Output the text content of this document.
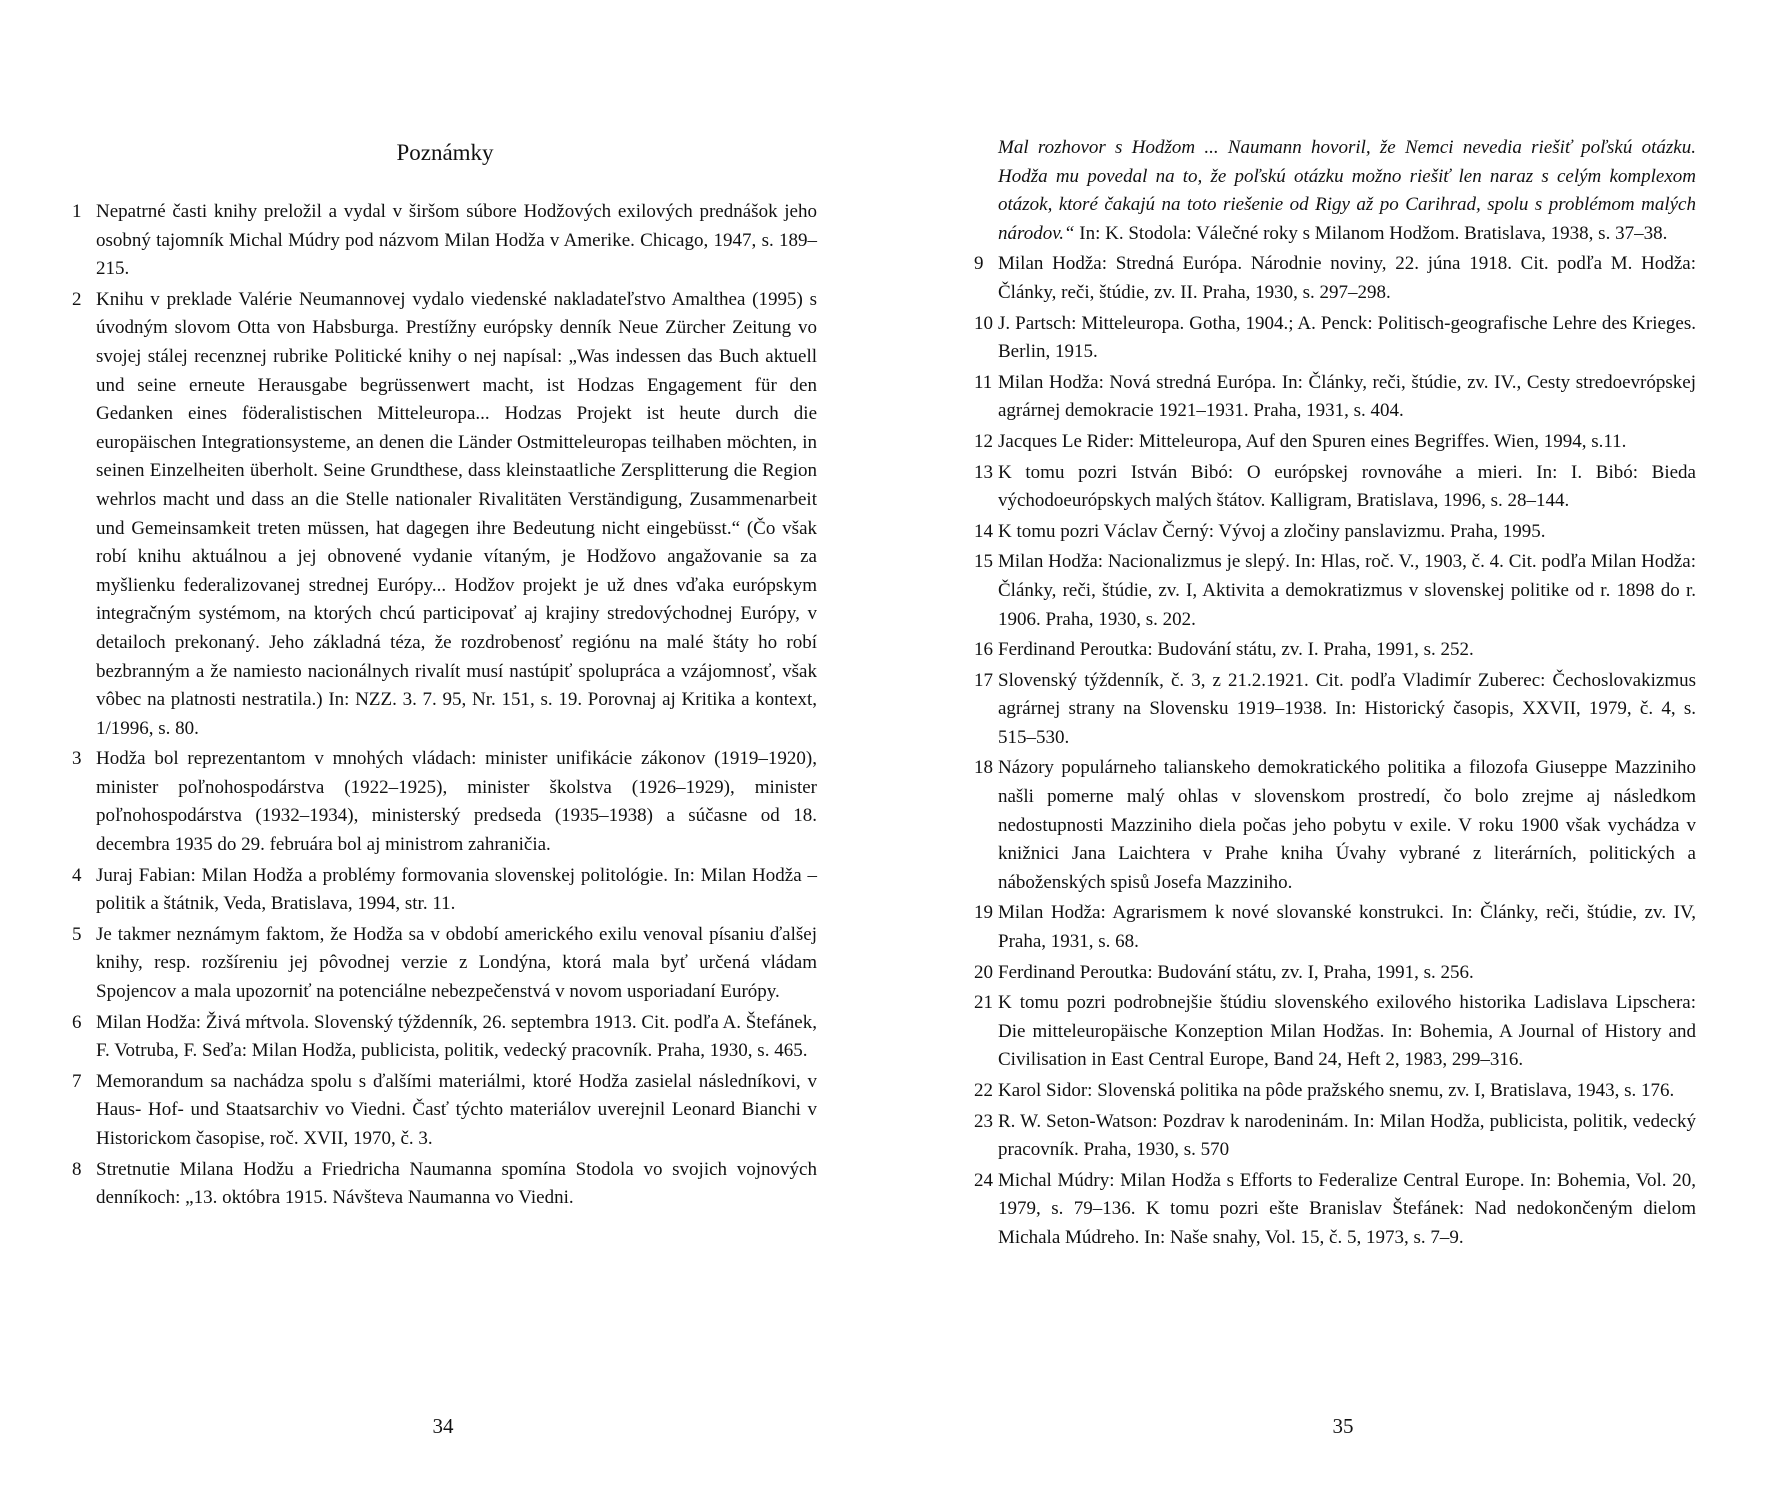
Poznámky
1 Nepatrné časti knihy preložil a vydal v širšom súbore Hodžových exilových prednášok jeho osobný tajomník Michal Múdry pod názvom Milan Hodža v Amerike. Chicago, 1947, s. 189–215.
2 Knihu v preklade Valérie Neumannovej vydalo viedenské nakladateľstvo Amalthea (1995) s úvodným slovom Otta von Habsburga. Prestížny európsky denník Neue Zürcher Zeitung vo svojej stálej recenznej rubrike Politické knihy o nej napísal: „Was indessen das Buch aktuell und seine erneute Herausgabe begrüssenwert macht, ist Hodzas Engagement für den Gedanken eines föderalistischen Mitteleuropa... Hodzas Projekt ist heute durch die europäischen Integrationsysteme, an denen die Länder Ostmitteleuropas teilhaben möchten, in seinen Einzelheiten überholt. Seine Grundthese, dass kleinstaatliche Zersplitterung die Region wehrlos macht und dass an die Stelle nationaler Rivalitäten Verständigung, Zusammenarbeit und Gemeinsamkeit treten müssen, hat dagegen ihre Bedeutung nicht eingebüsst.“ (Čo však robí knihu aktuálnou a jej obnovené vydanie vítaným, je Hodžovo angažovanie sa za myšlienku federalizovanej strednej Európy... Hodžov projekt je už dnes vďaka európskym integračným systémom, na ktorých chcú participovať aj krajiny stredovýchodnej Európy, v detailoch prekonaný. Jeho základná téza, že rozdrobenosť regiónu na malé štáty ho robí bezbranným a že namiesto nacionálnych rivalít musí nastúpiť spolupráca a vzájomnosť, však vôbec na platnosti nestratila.) In: NZZ. 3. 7. 95, Nr. 151, s. 19. Porovnaj aj Kritika a kontext, 1/1996, s. 80.
3 Hodža bol reprezentantom v mnohých vládach: minister unifikácie zákonov (1919–1920), minister poľnohospodárstva (1922–1925), minister školstva (1926–1929), minister poľnohospodárstva (1932–1934), ministerský predseda (1935–1938) a súčasne od 18. decembra 1935 do 29. februára bol aj ministrom zahraničia.
4 Juraj Fabian: Milan Hodža a problémy formovania slovenskej politológie. In: Milan Hodža – politik a štátnik, Veda, Bratislava, 1994, str. 11.
5 Je takmer neznámym faktom, že Hodža sa v období amerického exilu venoval písaniu ďalšej knihy, resp. rozšíreniu jej pôvodnej verzie z Londýna, ktorá mala byť určená vládam Spojencov a mala upozorniť na potenciálne nebezpečenstvá v novom usporiadaní Európy.
6 Milan Hodža: Živá mŕtvola. Slovenský týždenník, 26. septembra 1913. Cit. podľa A. Štefánek, F. Votruba, F. Seďa: Milan Hodža, publicista, politik, vedecký pracovník. Praha, 1930, s. 465.
7 Memorandum sa nachádza spolu s ďalšími materiálmi, ktoré Hodža zasielal následníkovi, v Haus- Hof- und Staatsarchiv vo Viedni. Časť týchto materiálov uverejnil Leonard Bianchi v Historickom časopise, roč. XVII, 1970, č. 3.
8 Stretnutie Milana Hodžu a Friedricha Naumanna spomína Stodola vo svojich vojnových denníkoch: „13. októbra 1915. Návšteva Naumanna vo Viedni.
34
Mal rozhovor s Hodžom ... Naumann hovoril, že Nemci nevedia riešiť poľskú otázku. Hodža mu povedal na to, že poľskú otázku možno riešiť len naraz s celým komplexom otázok, ktoré čakajú na toto riešenie od Rigy až po Carihrad, spolu s problémom malých národov.“ In: K. Stodola: Válečné roky s Milanom Hodžom. Bratislava, 1938, s. 37–38.
9 Milan Hodža: Stredná Európa. Národnie noviny, 22. júna 1918. Cit. podľa M. Hodža: Články, reči, štúdie, zv. II. Praha, 1930, s. 297–298.
10 J. Partsch: Mitteleuropa. Gotha, 1904.; A. Penck: Politisch-geografische Lehre des Krieges. Berlin, 1915.
11 Milan Hodža: Nová stredná Európa. In: Články, reči, štúdie, zv. IV., Cesty stredoevrópskej agrárnej demokracie 1921–1931. Praha, 1931, s. 404.
12 Jacques Le Rider: Mitteleuropa, Auf den Spuren eines Begriffes. Wien, 1994, s.11.
13 K tomu pozri István Bibó: O európskej rovnováhe a mieri. In: I. Bibó: Bieda východoeurópskych malých štátov. Kalligram, Bratislava, 1996, s. 28–144.
14 K tomu pozri Václav Černý: Vývoj a zločiny panslavizmu. Praha, 1995.
15 Milan Hodža: Nacionalizmus je slepý. In: Hlas, roč. V., 1903, č. 4. Cit. podľa Milan Hodža: Články, reči, štúdie, zv. I, Aktivita a demokratizmus v slovenskej politike od r. 1898 do r. 1906. Praha, 1930, s. 202.
16 Ferdinand Peroutka: Budování státu, zv. I. Praha, 1991, s. 252.
17 Slovenský týždenník, č. 3, z 21.2.1921. Cit. podľa Vladimír Zuberec: Čechoslovakizmus agrárnej strany na Slovensku 1919–1938. In: Historický časopis, XXVII, 1979, č. 4, s. 515–530.
18 Názory populárneho talianskeho demokratického politika a filozofa Giuseppe Mazziniho našli pomerne malý ohlas v slovenskom prostredí, čo bolo zrejme aj následkom nedostupnosti Mazziniho diela počas jeho pobytu v exile. V roku 1900 však vychádza v knižnici Jana Laichtera v Prahe kniha Úvahy vybrané z literárních, politických a náboženských spisů Josefa Mazziniho.
19 Milan Hodža: Agrarismem k nové slovanské konstrukci. In: Články, reči, štúdie, zv. IV, Praha, 1931, s. 68.
20 Ferdinand Peroutka: Budování státu, zv. I, Praha, 1991, s. 256.
21 K tomu pozri podrobnejšie štúdiu slovenského exilového historika Ladislava Lipschera: Die mitteleuropäische Konzeption Milan Hodžas. In: Bohemia, A Journal of History and Civilisation in East Central Europe, Band 24, Heft 2, 1983, 299–316.
22 Karol Sidor: Slovenská politika na pôde pražského snemu, zv. I, Bratislava, 1943, s. 176.
23 R. W. Seton-Watson: Pozdrav k narodeninám. In: Milan Hodža, publicista, politik, vedecký pracovník. Praha, 1930, s. 570
24 Michal Múdry: Milan Hodža s Efforts to Federalize Central Europe. In: Bohemia, Vol. 20, 1979, s. 79–136. K tomu pozri ešte Branislav Štefánek: Nad nedokončeným dielom Michala Múdreho. In: Naše snahy, Vol. 15, č. 5, 1973, s. 7–9.
35
